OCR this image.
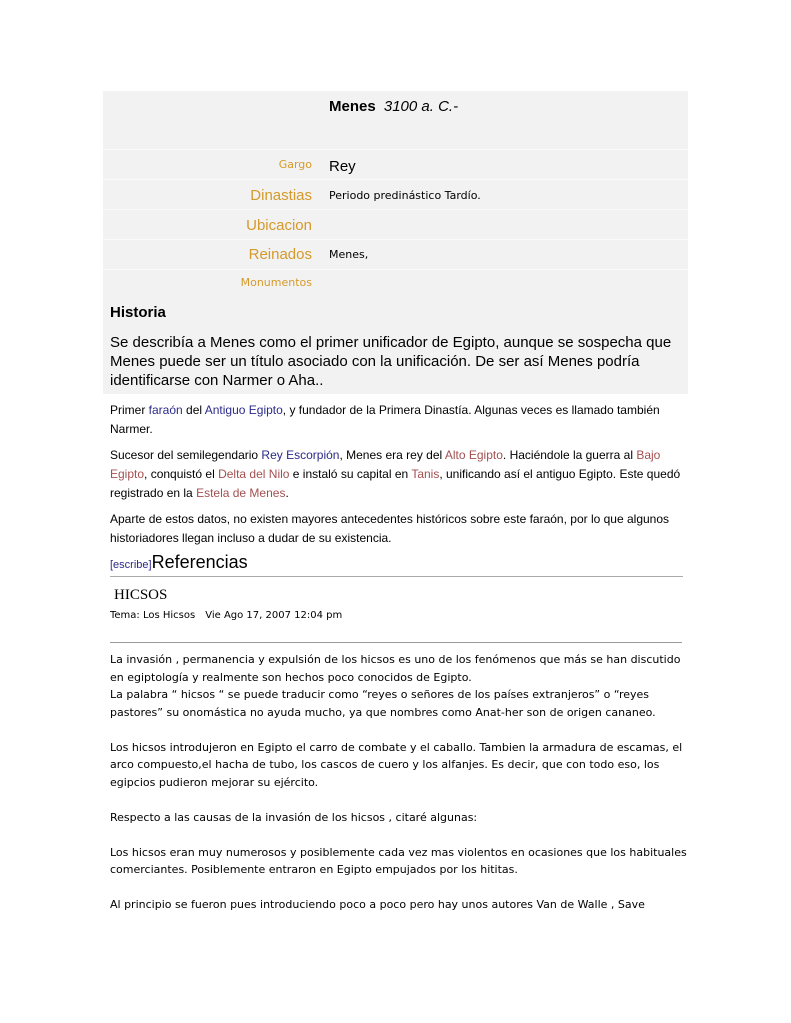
Menes 3100 a. C.-
Gargo Rey
Dinastias Periodo predinástico Tardío.
Ubicacion
Reinados Menes,
Monumentos
Historia
Se describía a Menes como el primer unificador de Egipto, aunque se sospecha que Menes puede ser un título asociado con la unificación. De ser así Menes podría identificarse con Narmer o Aha..
Primer faraón del Antiguo Egipto, y fundador de la Primera Dinastía. Algunas veces es llamado también Narmer.
Sucesor del semilegendario Rey Escorpión, Menes era rey del Alto Egipto. Haciéndole la guerra al Bajo Egipto, conquistó el Delta del Nilo e instaló su capital en Tanis, unificando así el antiguo Egipto. Este quedó registrado en la Estela de Menes.
Aparte de estos datos, no existen mayores antecedentes históricos sobre este faraón, por lo que algunos historiadores llegan incluso a dudar de su existencia.
[escribe]Referencias
HICSOS
Tema: Los Hicsos Vie Ago 17, 2007 12:04 pm

La invasión , permanencia y expulsión de los hicsos es uno de los fenómenos que más se han discutido en egiptología y realmente son hechos poco conocidos de Egipto.
La palabra “ hicsos “ se puede traducir como “reyes o señores de los países extranjeros” o “reyes pastores” su onomástica no ayuda mucho, ya que nombres como Anat-her son de origen cananeo.

Los hicsos introdujeron en Egipto el carro de combate y el caballo. Tambien la armadura de escamas, el arco compuesto,el hacha de tubo, los cascos de cuero y los alfanjes. Es decir, que con todo eso, los egipcios pudieron mejorar su ejército.

Respecto a las causas de la invasión de los hicsos , citaré algunas:

Los hicsos eran muy numerosos y posiblemente cada vez mas violentos en ocasiones que los habituales comerciantes. Posiblemente entraron en Egipto empujados por los hititas.

Al principio se fueron pues introduciendo poco a poco pero hay unos autores Van de Walle , Save
